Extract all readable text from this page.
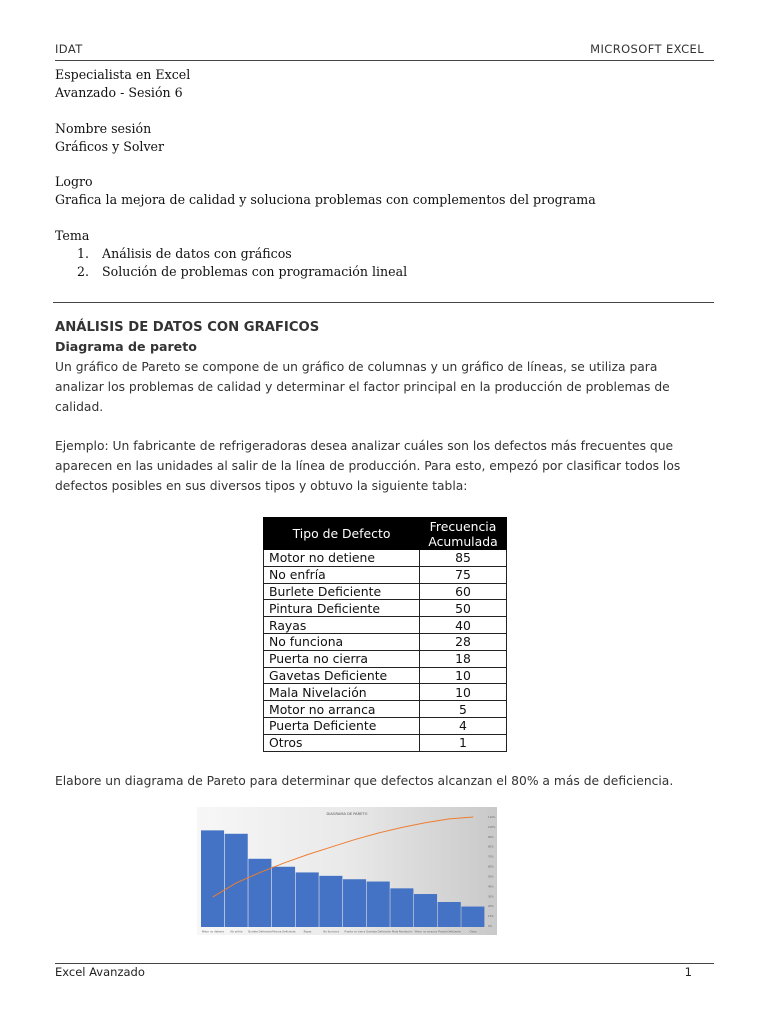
IDAT	MICROSOFT EXCEL
Especialista en Excel
Avanzado - Sesión 6
Nombre sesión
Gráficos y Solver
Logro
Grafica la mejora de calidad y soluciona problemas con complementos del programa
Tema
1. Análisis de datos con gráficos
2. Solución de problemas con programación lineal
ANÁLISIS DE DATOS CON GRAFICOS
Diagrama de pareto
Un gráfico de Pareto se compone de un gráfico de columnas y un gráfico de líneas, se utiliza para
analizar los problemas de calidad y determinar el factor principal en la producción de problemas de
calidad.
Ejemplo: Un fabricante de refrigeradoras desea analizar cuáles son los defectos más frecuentes que
aparecen en las unidades al salir de la línea de producción. Para esto, empezó por clasificar todos los
defectos posibles en sus diversos tipos y obtuvo la siguiente tabla:
Tipo de Defecto	Frecuencia
Acumulada
Motor no detiene	85
No enfría	75
Burlete Deficiente	60
Pintura Deficiente	50
Rayas	40
No funciona	28
Puerta no cierra	18
Gavetas Deficiente	10
Mala Nivelación	10
Motor no arranca	5
Puerta Deficiente	4
Otros	1
Elabore un diagrama de Pareto para determinar que defectos alcanzan el 80% a más de deficiencia.
DIAGRAMA DE PARETO
0%
10%
20%
30%
40%
50%
60%
70%
80%
90%
100%
110%
Motor no detiene	No enfría Burlete Deficiente Pintura Deficiente	Rayas	No funciona Puerta no cierra Gavetas Deficiente Mala Nivelación Motor no arranca Puerta Deficiente	Otros
Excel Avanzado	1
